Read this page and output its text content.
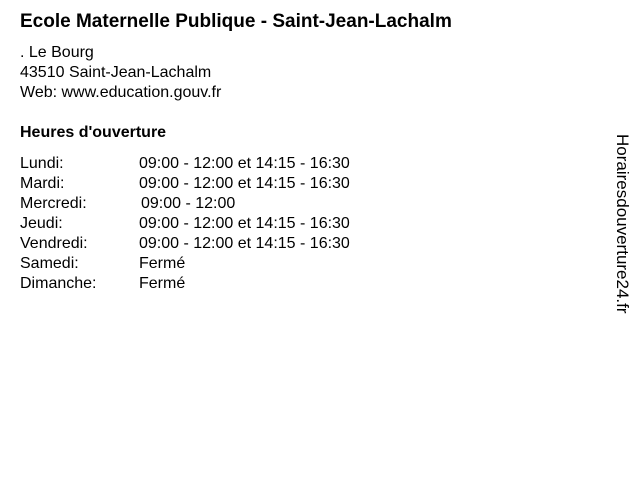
Ecole Maternelle Publique - Saint-Jean-Lachalm
. Le Bourg
43510 Saint-Jean-Lachalm
Web: www.education.gouv.fr
Heures d'ouverture
Lundi:	09:00 - 12:00 et 14:15 - 16:30
Mardi:	09:00 - 12:00 et 14:15 - 16:30
Mercredi:	09:00 - 12:00
Jeudi:	09:00 - 12:00 et 14:15 - 16:30
Vendredi:	09:00 - 12:00 et 14:15 - 16:30
Samedi:	Fermé
Dimanche:	Fermé	Horairesdouverture24.fr
